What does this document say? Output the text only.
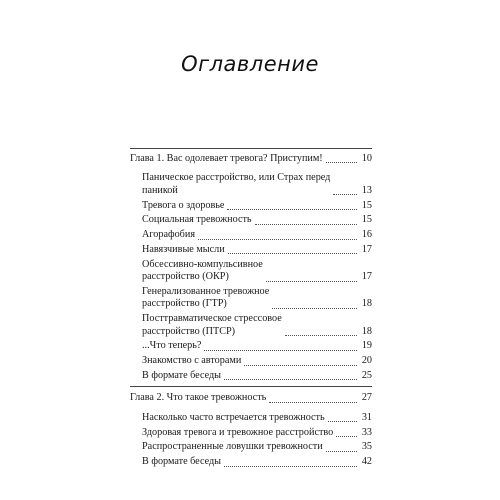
Оглавление
Глава 1. Вас одолевает тревога? Приступим!	10
Паническое расстройство, или Страх перед
паникой	13
Тревога о здоровье	15
Социальная тревожность	15
Агорафобия	16
Навязчивые мысли	17
Обсессивно-компульсивное
расстройство (ОКР)	17
Генерализованное тревожное
расстройство (ГТР)	18
Посттравматическое стрессовое
расстройство (ПТСР)	18
...Что теперь?	19
Знакомство с авторами	20
В формате беседы	25
Глава 2. Что такое тревожность	27
Насколько часто встречается тревожность	31
Здоровая тревога и тревожное расстройство	33
Распространенные ловушки тревожности	35
В формате беседы	42
